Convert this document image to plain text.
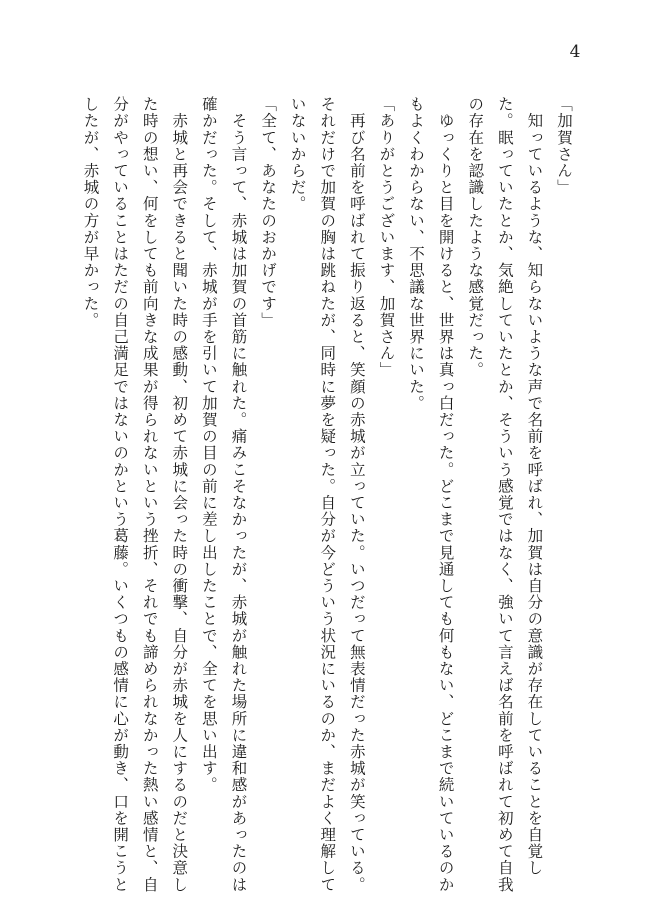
4
「加賀さん」
　知っているような、知らないような声で名前を呼ばれ、加賀は自分の意識が存在していることを自覚し
た。眠っていたとか、気絶していたとか、そういう感覚ではなく、強いて言えば名前を呼ばれて初めて自我
の存在を認識したような感覚だった。
　ゆっくりと目を開けると、世界は真っ白だった。どこまで見通しても何もない、どこまで続いているのか
もよくわからない、不思議な世界にいた。
「ありがとうございます、加賀さん」
　再び名前を呼ばれて振り返ると、笑顔の赤城が立っていた。いつだって無表情だった赤城が笑っている。
それだけで加賀の胸は跳ねたが、同時に夢を疑った。自分が今どういう状況にいるのか、まだよく理解して
いないからだ。
「全て、あなたのおかげです」
　そう言って、赤城は加賀の首筋に触れた。痛みこそなかったが、赤城が触れた場所に違和感があったのは
確かだった。そして、赤城が手を引いて加賀の目の前に差し出したことで、全てを思い出す。
　赤城と再会できると聞いた時の感動、初めて赤城に会った時の衝撃、自分が赤城を人にするのだと決意し
た時の想い、何をしても前向きな成果が得られないという挫折、それでも諦められなかった熱い感情と、自
分がやっていることはただの自己満足ではないのかという葛藤。いくつもの感情に心が動き、口を開こうと
したが、赤城の方が早かった。
